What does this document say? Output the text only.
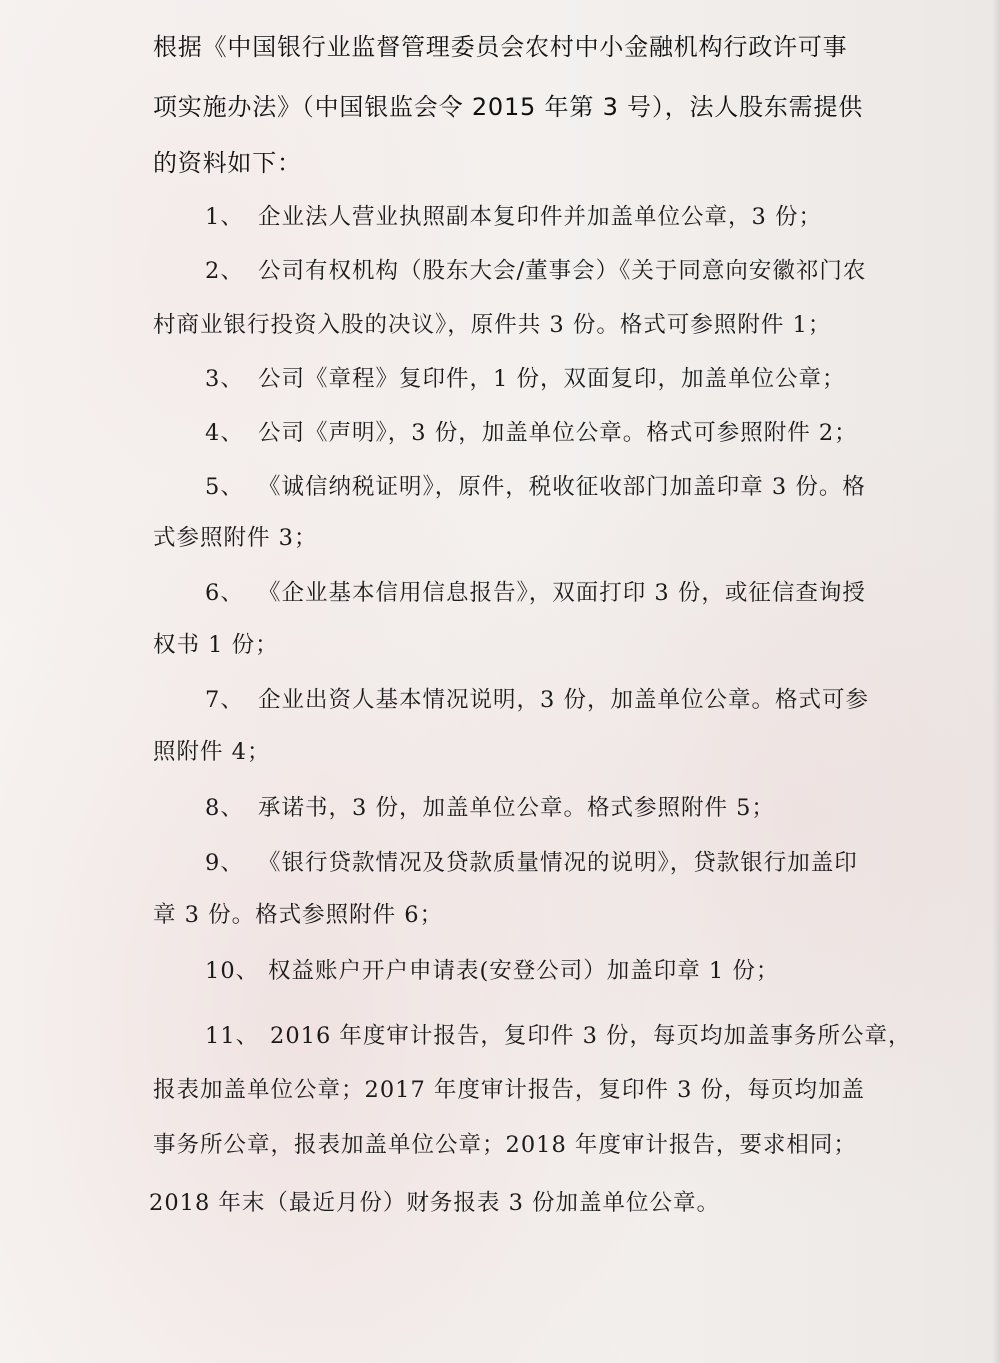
根据《中国银行业监督管理委员会农村中小金融机构行政许可事
项实施办法》（中国银监会令 2015 年第 3 号），法人股东需提供
的资料如下：
1、 企业法人营业执照副本复印件并加盖单位公章，3 份；
2、 公司有权机构（股东大会/董事会）《关于同意向安徽祁门农
村商业银行投资入股的决议》，原件共 3 份。格式可参照附件 1；
3、 公司《章程》复印件，1 份，双面复印，加盖单位公章；
4、 公司《声明》，3 份，加盖单位公章。格式可参照附件 2；
5、 《诚信纳税证明》，原件，税收征收部门加盖印章 3 份。格
式参照附件 3；
6、 《企业基本信用信息报告》，双面打印 3 份，或征信查询授
权书 1 份；
7、 企业出资人基本情况说明，3 份，加盖单位公章。格式可参
照附件 4；
8、 承诺书，3 份，加盖单位公章。格式参照附件 5；
9、 《银行贷款情况及贷款质量情况的说明》，贷款银行加盖印
章 3 份。格式参照附件 6；
10、 权益账户开户申请表(安登公司）加盖印章 1 份；
11、 2016 年度审计报告，复印件 3 份，每页均加盖事务所公章，
报表加盖单位公章；2017 年度审计报告，复印件 3 份，每页均加盖
事务所公章，报表加盖单位公章；2018 年度审计报告，要求相同；
2018 年末（最近月份）财务报表 3 份加盖单位公章。
